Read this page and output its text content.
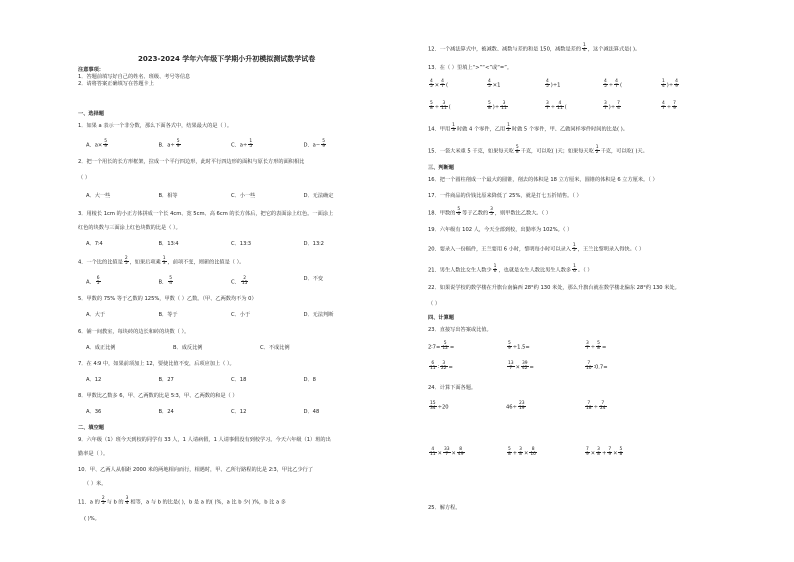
2023-2024 学年六年级下学期小升初模拟测试数学试卷
注意事项：
1．答题前填写好自己的姓名、班级、考号等信息
2．请将答案正确填写在答题卡上
一、选择题
1．如果 a 表示一个非分数，那么下面各式中，结果最大的是（ ）。
A．$a\times \frac{5}{9}$	B．$a\div \frac{5}{9}$	C．$a\div \frac{1}{5}$	D．$a- \frac{5}{9}$
2．把一个用长的长方形框架，拉成一个平行四边形，此时平行四边形的面积与原长方形的面积相比
（ ）
A．大一些	B．相等	C．小一些	D．无法确定
3．用棱长 1cm 的小正方体拼成一个长 4cm、宽 5cm、高 6cm 的长方体后，把它的表面涂上红色。一面涂上
红色的块数与三面涂上红色块数的比是（ ）。
A．7∶4	B．13∶4	C．13∶3	D．13∶2
4．一个比的比值是 $\frac{2}{5}$ ，如果后项乘 $\frac{1}{3}$ ，前项不变，则新的比值是（ ）。
A． $\frac{6}{5}$	B． $\frac{5}{4}$	C． $\frac{2}{15}$	D．不变
5．甲数的 75% 等于乙数的 125%，甲数（ ）乙数。（甲、乙两数均不为 0）
A．大于	B．等于	C．小于	D．无法判断
6．铺一间教室，每块砖的边长和砖的块数（ ）。
A．成正比例	B．成反比例	C．不成比例
7．在 4∶9 中，如果前项加上 12，要使比值不变，后项应加上（ ）。
A．12	B．27	C．18	D．8
8．甲数比乙数多 6，甲、乙两数的比是 5∶3，甲、乙两数的和是（ ）
A．36	B．24	C．12	D．48
二、填空题
9．六年级（1）班今天到校的同学有 33 人，1 人请病假，1 人请事假没有到校学习。今天六年级（1）班的出
勤率是（ ）。
10．甲、乙两人从相距 2000 米的两地相向而行，相遇时，甲、乙所行路程的比是 2∶3，甲比乙少行了
（ ）米。
11．a 的 $\frac{2}{5}$ 与 b 的 $\frac{3}{4}$ 相等，a 与 b 的比是( )，b 是 a 的( )%，a 比 b 少( )%，b 比 a 多
( )%。
12．一个减法算式中，被减数、减数与差的和是 150，减数是差的 $\frac{1}{4}$ ，这个减法算式是( )。
13．在（ ）里填上“>”“<”或“=”。
$\frac{4}{5} \times \frac{4}{7}$ (	$\frac{4}{5} \times 1$	$\frac{4}{5} )\div 1$	$\frac{4}{5} \div \frac{4}{7}$ (	$\frac{1}{4}$ )÷ $\frac{4}{9}$
$\frac{5}{8} \div \frac{3}{11}$ (	$\frac{5}{8}$ )÷ $\frac{3}{11}$	$\frac{3}{7} \div \frac{4}{11}$ (	$\frac{3}{7}$ )÷ $\frac{7}{4}$	$\frac{4}{7} \div \frac{7}{9}$
14．甲用 $\frac{1}{3}$ 时做 4 个零件，乙用 $\frac{1}{2}$ 时做 5 个零件，甲、乙做同样零件时间的比是( )。
15．一袋大米重 5 千克，如果每天吃 $\frac{5}{8}$ 千克，可以吃( )天；如果每天吃 $\frac{1}{2}$ 千克，可以吃( )天。
三、判断题
16．把一个圆柱削成一个最大的圆锥，削去的体积是 18 立方厘米，圆锥的体积是 6 立方厘米。（ ）
17．一件商品的价钱比原来降低了 25%，就是打七五折销售。（ ）
18．甲数的 $\frac{5}{6}$ 等于乙数的 $\frac{3}{5}$ ，则甲数比乙数大。（ ）
19．六年级有 102 人，今天全部到校，出勤率为 102%。（ ）
20．要录入一份稿件，王兰要用 6 小时，黎明每小时可以录入 $\frac{1}{5}$ ，王兰比黎明录入得快。（ ）
21．男生人数比女生人数少 $\frac{1}{6}$ ，也就是女生人数比男生人数多 $\frac{1}{6}$ 。（ ）
22．如果说学校的数学楼在升旗台南偏西 28°约 130 米处，那么升旗台就在数学楼北偏东 28°约 130 米处。
（ ）
四、计算题
23．直接写出答案或比值。
2∶7= $\frac{5}{12}$ =	$\frac{5}{9} \div 1.5=$	$\frac{3}{7} \div \frac{5}{8}$ =
$\frac{6}{11}$ ∶ $\frac{3}{22}$ =	$\frac{13}{7} \times \frac{39}{42}$ =	$\frac{7}{10}$ ∶0.7=
24．计算下面各题。
$\frac{15}{34} \div 20$	$46\div \frac{23}{19}$	$\frac{7}{18} \div \frac{7}{24}$
$\frac{4}{11} \times \frac{33}{7} \times \frac{8}{49}$	$\frac{5}{8} + \frac{3}{8} \times \frac{8}{10}$	$\frac{7}{9} \times \frac{3}{8} + \frac{7}{9} \times \frac{5}{8}$
25．解方程。
